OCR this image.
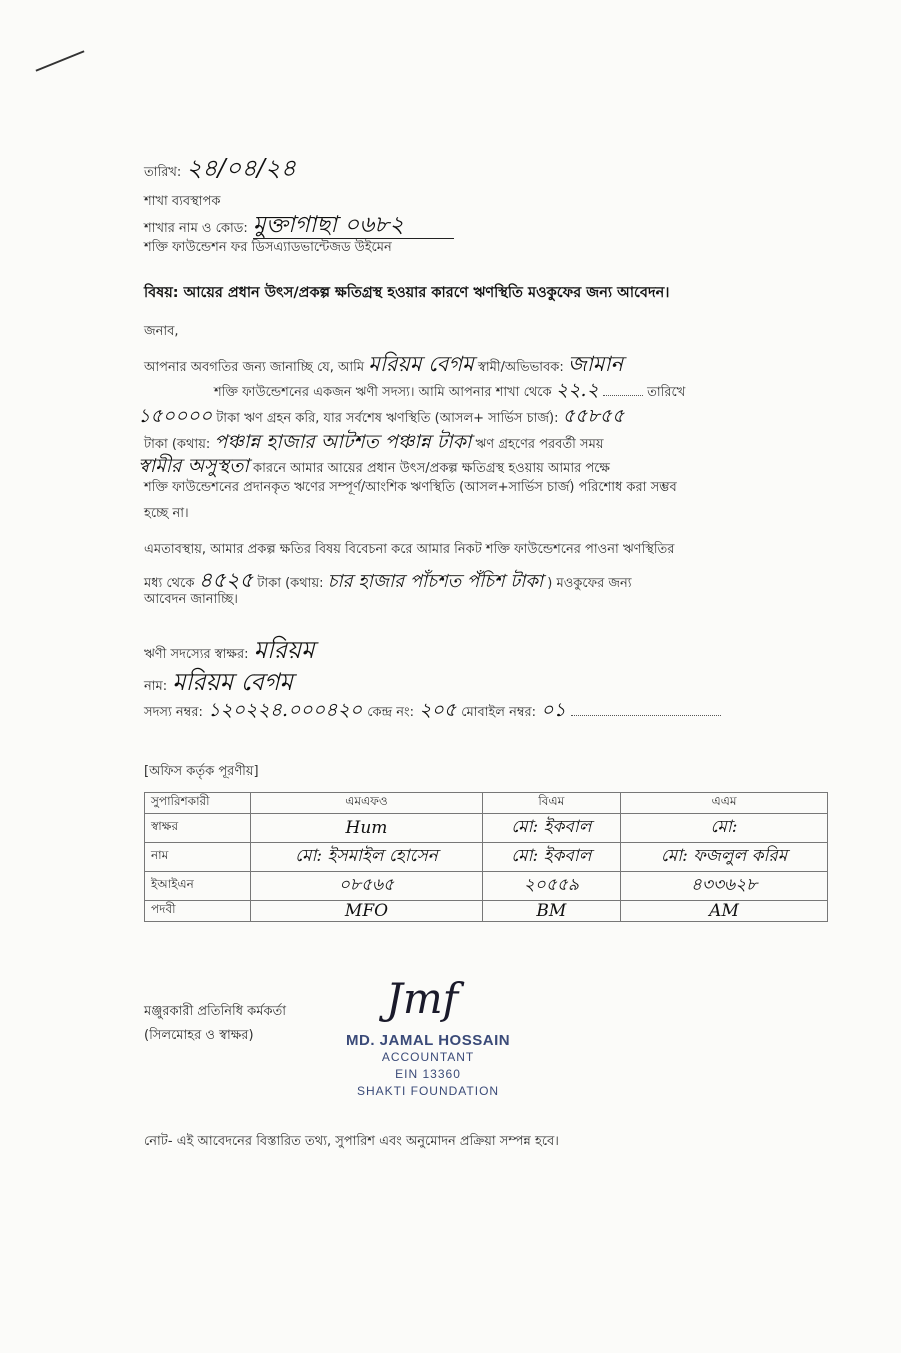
তারিখ: ২৪/০৪/২৪
শাখা ব্যবস্থাপক
শাখার নাম ও কোড: মুক্তাগাছা ০৬৮২
শক্তি ফাউন্ডেশন ফর ডিসএ্যাডভান্টেজড উইমেন
বিষয়: আয়ের প্রধান উৎস/প্রকল্প ক্ষতিগ্রস্থ হওয়ার কারণে ঋণস্থিতি মওকুফের জন্য আবেদন।
জনাব,
আপনার অবগতির জন্য জানাচ্ছি যে, আমি মরিয়ম বেগম স্বামী/অভিভাবক: জামান
শক্তি ফাউন্ডেশনের একজন ঋণী সদস্য। আমি আপনার শাখা থেকে ২২.২	তারিখে
১৫০০০০ টাকা ঋণ গ্রহন করি, যার সর্বশেষ ঋণস্থিতি (আসল+ সার্ভিস চার্জ): ৫৫৮৫৫
টাকা (কথায়: পঞ্চান্ন হাজার আটশত পঞ্চান্ন টাকা ঋণ গ্রহণের পরবর্তী সময়
স্বামীর অসুস্থতা কারনে আমার আয়ের প্রধান উৎস/প্রকল্প ক্ষতিগ্রস্থ হওয়ায় আমার পক্ষে
শক্তি ফাউন্ডেশনের প্রদানকৃত ঋণের সম্পূর্ণ/আংশিক ঋণস্থিতি (আসল+সার্ভিস চার্জ) পরিশোধ করা সম্ভব
হচ্ছে না।
এমতাবস্থায়, আমার প্রকল্প ক্ষতির বিষয় বিবেচনা করে আমার নিকট শক্তি ফাউন্ডেশনের পাওনা ঋণস্থিতির
মধ্য থেকে ৪৫২৫ টাকা (কথায়: চার হাজার পাঁচশত পঁচিশ টাকা ) মওকুফের জন্য
আবেদন জানাচ্ছি।
ঋণী সদস্যের স্বাক্ষর: মরিয়ম
নাম: মরিয়ম বেগম
সদস্য নম্বর: ১২০২২৪.০০০৪২০ কেন্দ্র নং: ২০৫ মোবাইল নম্বর: ০১
[অফিস কর্তৃক পূরণীয়]
সুপারিশকারী	এমএফও	বিএম	এএম
স্বাক্ষর	Hum	মো: ইকবাল	মো:
নাম	মো: ইসমাইল হোসেন	মো: ইকবাল	মো: ফজলুল করিম
ইআইএন	০৮৫৬৫	২০৫৫৯	৪৩৩৬২৮
পদবী	MFO	BM	AM
মঞ্জুরকারী প্রতিনিধি কর্মকর্তা
(সিলমোহর ও স্বাক্ষর)
Jmf
MD. JAMAL HOSSAIN
ACCOUNTANT
EIN 13360
SHAKTI FOUNDATION
নোট- এই আবেদনের বিস্তারিত তথ্য, সুপারিশ এবং অনুমোদন প্রক্রিয়া সম্পন্ন হবে।
